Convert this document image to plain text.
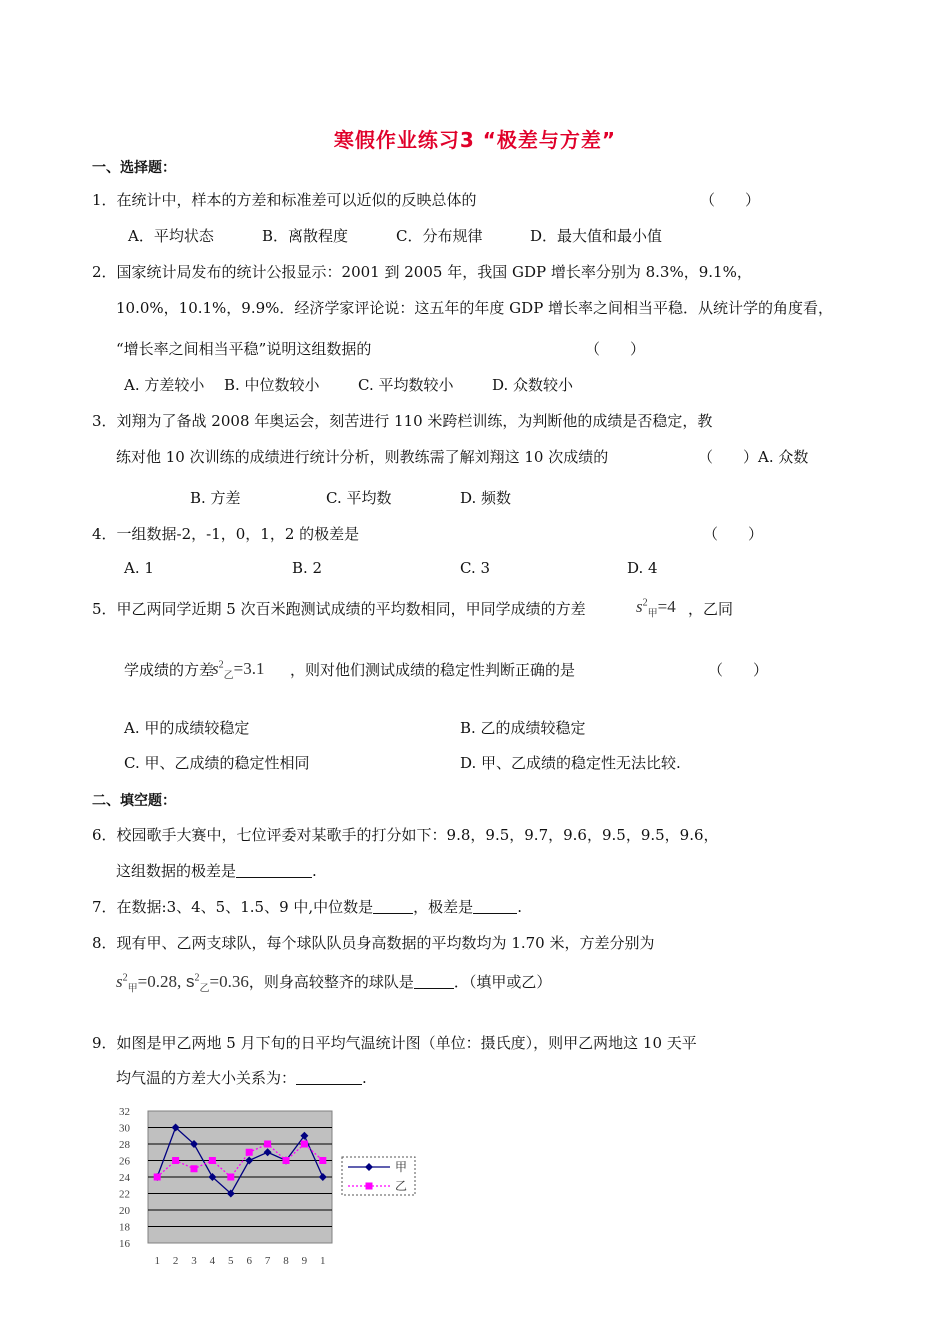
寒假作业练习3 “极差与方差”
一、选择题：
1．在统计中，样本的方差和标准差可以近似的反映总体的	（　　）
A．平均状态	B．离散程度	C．分布规律	D．最大值和最小值
2．国家统计局发布的统计公报显示：2001 到 2005 年，我国 GDP 增长率分别为 8.3%，9.1%，
10.0%，10.1%，9.9%．经济学家评论说：这五年的年度 GDP 增长率之间相当平稳．从统计学的角度看，
“增长率之间相当平稳”说明这组数据的	（　　）
A. 方差较小 B. 中位数较小	C. 平均数较小	D. 众数较小
3．刘翔为了备战 2008 年奥运会，刻苦进行 110 米跨栏训练，为判断他的成绩是否稳定，教
练对他 10 次训练的成绩进行统计分析，则教练需了解刘翔这 10 次成绩的	（　　）A. 众数
B. 方差	C. 平均数	D. 频数
4．一组数据-2，-1，0，1，2 的极差是	（　　）
A. 1	B. 2	C. 3	D. 4
5．甲乙两同学近期 5 次百米跑测试成绩的平均数相同，甲同学成绩的方差	$s^2_甲=4$ ，乙同
学成绩的方差
$s^2_乙=3.1$ ，则对他们测试成绩的稳定性判断正确的是	（　　）
A. 甲的成绩较稳定	B. 乙的成绩较稳定
C. 甲、乙成绩的稳定性相同	D. 甲、乙成绩的稳定性无法比较.
二、填空题：
6．校园歌手大赛中，七位评委对某歌手的打分如下：9.8，9.5，9.7，9.6，9.5，9.5，9.6，
这组数据的极差是	.
7．在数据:3、4、5、1.5、9 中,中位数是	，极差是	.
8．现有甲、乙两支球队，每个球队队员身高数据的平均数均为 1.70 米，方差分别为
$s^2_甲=0.28$, $s^2_乙=0.36$，则身高较整齐的球队是	．（填甲或乙）
9．如图是甲乙两地 5 月下旬的日平均气温统计图（单位：摄氏度），则甲乙两地这 10 天平
均气温的方差大小关系为：	.
32
30
28
26
24
22
20
18
16
1 2 3 4 5 6 7 8 9 1
甲
乙
